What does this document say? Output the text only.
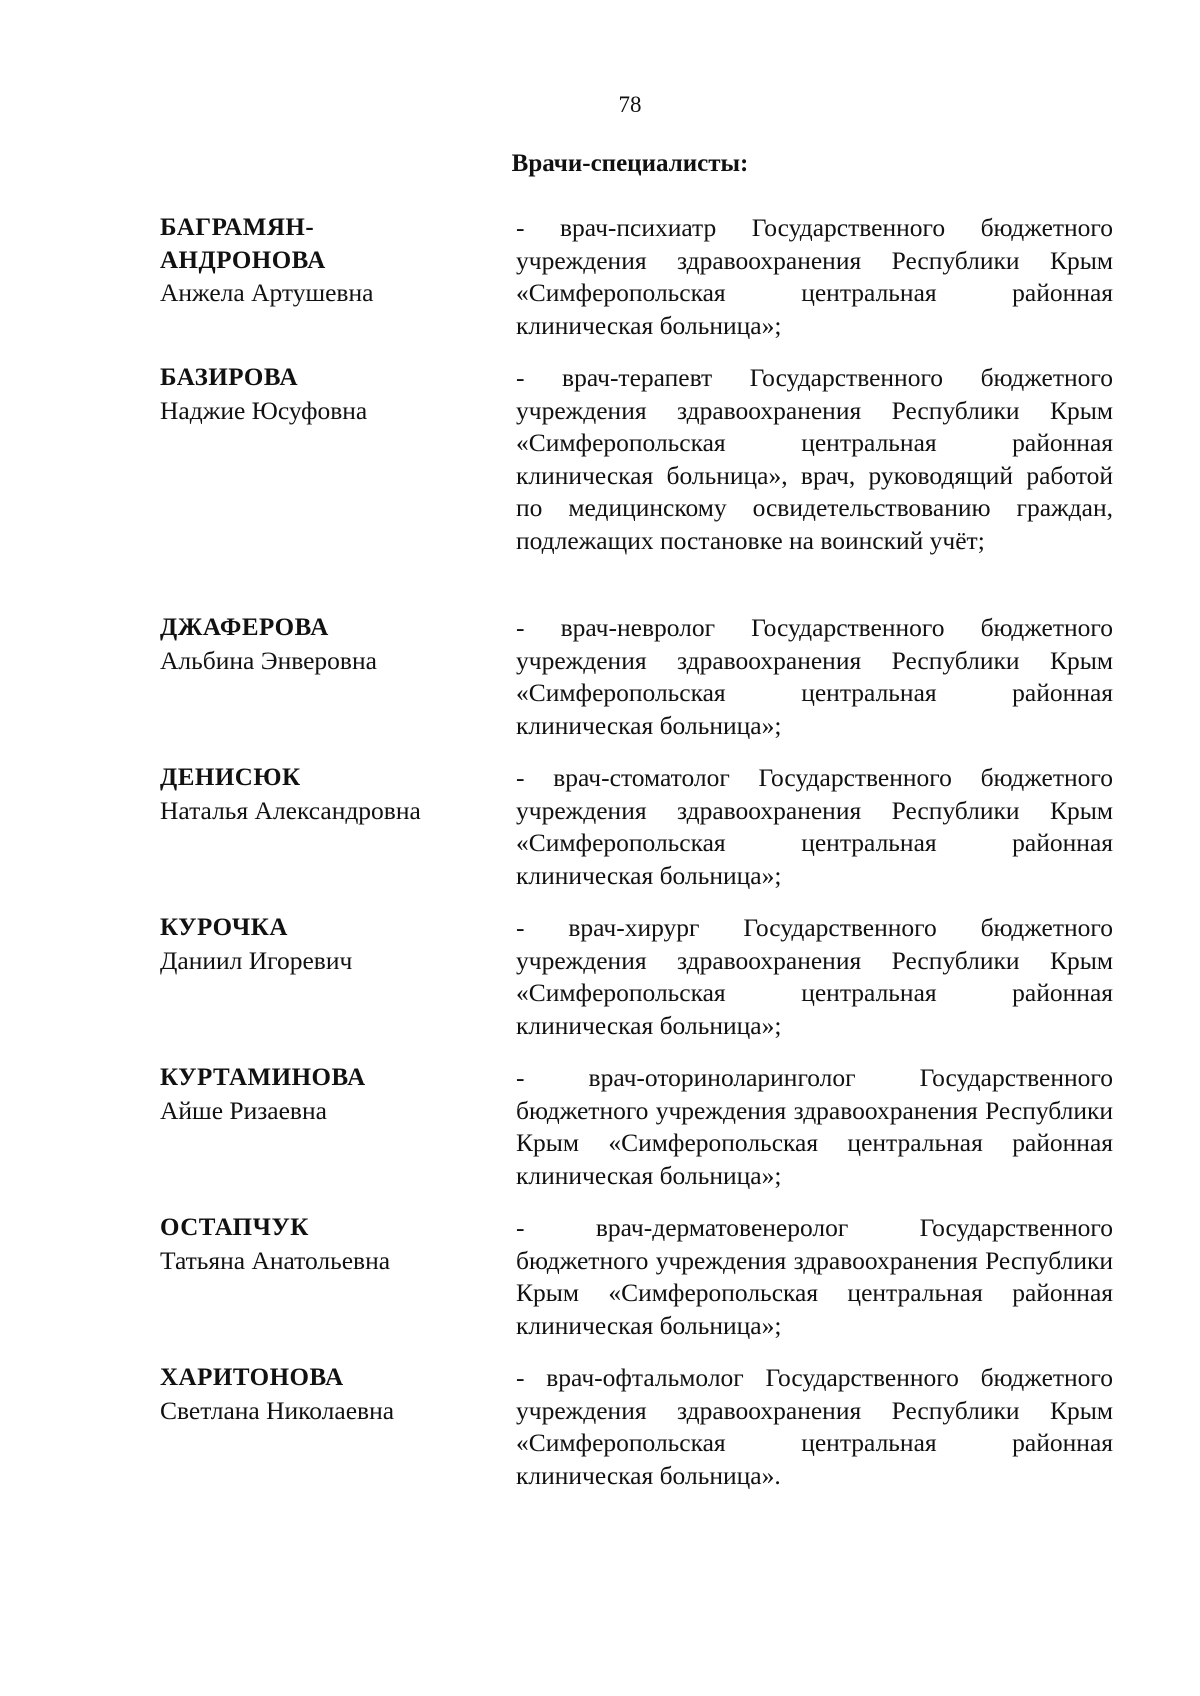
78
Врачи-специалисты:
БАГРАМЯН-
АНДРОНОВА
Анжела Артушевна
- врач-психиатр Государственного бюджетного учреждения здравоохранения Республики Крым «Симферопольская центральная районная клиническая больница»;
БАЗИРОВА
Наджие Юсуфовна
- врач-терапевт Государственного бюджетного учреждения здравоохранения Республики Крым «Симферопольская центральная районная клиническая больница», врач, руководящий работой по медицинскому освидетельствованию граждан, подлежащих постановке на воинский учёт;
ДЖАФЕРОВА
Альбина Энверовна
- врач-невролог Государственного бюджетного учреждения здравоохранения Республики Крым «Симферопольская центральная районная клиническая больница»;
ДЕНИСЮК
Наталья Александровна
- врач-стоматолог Государственного бюджетного учреждения здравоохранения Республики Крым «Симферопольская центральная районная клиническая больница»;
КУРОЧКА
Даниил Игоревич
- врач-хирург Государственного бюджетного учреждения здравоохранения Республики Крым «Симферопольская центральная районная клиническая больница»;
КУРТАМИНОВА
Айше Ризаевна
- врач-оториноларинголог Государственного бюджетного учреждения здравоохранения Республики Крым «Симферопольская центральная районная клиническая больница»;
ОСТАПЧУК
Татьяна Анатольевна
- врач-дерматовенеролог Государственного бюджетного учреждения здравоохранения Республики Крым «Симферопольская центральная районная клиническая больница»;
ХАРИТОНОВА
Светлана Николаевна
- врач-офтальмолог Государственного бюджетного учреждения здравоохранения Республики Крым «Симферопольская центральная районная клиническая больница».
